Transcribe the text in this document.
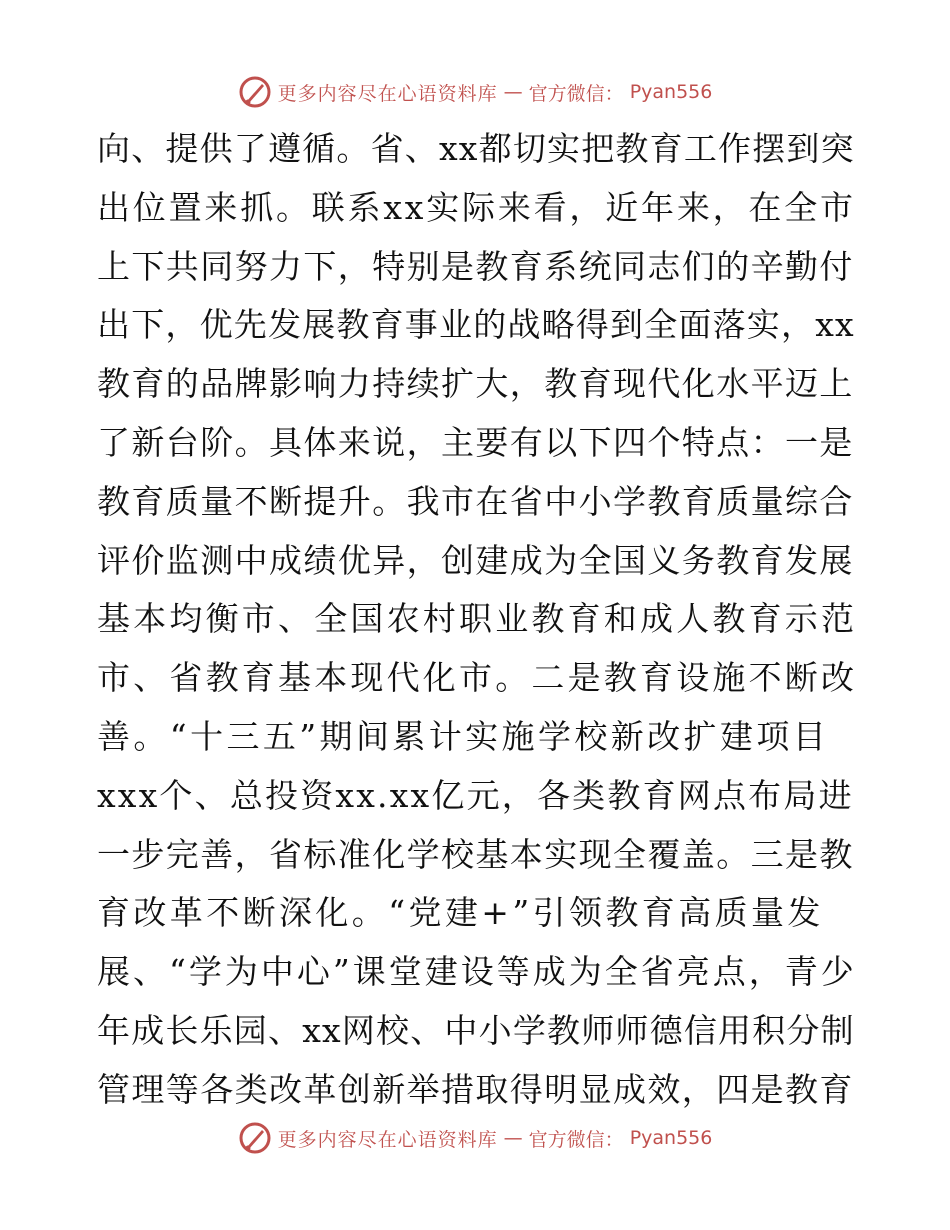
更多内容尽在心语资料库 — 官方微信： Pyan556
向、提供了遵循。省、xx都切实把教育工作摆到突
出位置来抓。联系xx实际来看，近年来，在全市
上下共同努力下，特别是教育系统同志们的辛勤付
出下，优先发展教育事业的战略得到全面落实，xx
教育的品牌影响力持续扩大，教育现代化水平迈上
了新台阶。具体来说，主要有以下四个特点：一是
教育质量不断提升。我市在省中小学教育质量综合
评价监测中成绩优异，创建成为全国义务教育发展
基本均衡市、全国农村职业教育和成人教育示范
市、省教育基本现代化市。二是教育设施不断改
善。“十三五”期间累计实施学校新改扩建项目
xxx个、总投资xx.xx亿元，各类教育网点布局进
一步完善，省标准化学校基本实现全覆盖。三是教
育改革不断深化。“党建+”引领教育高质量发
展、“学为中心”课堂建设等成为全省亮点，青少
年成长乐园、xx网校、中小学教师师德信用积分制
管理等各类改革创新举措取得明显成效，四是教育
更多内容尽在心语资料库 — 官方微信： Pyan556
